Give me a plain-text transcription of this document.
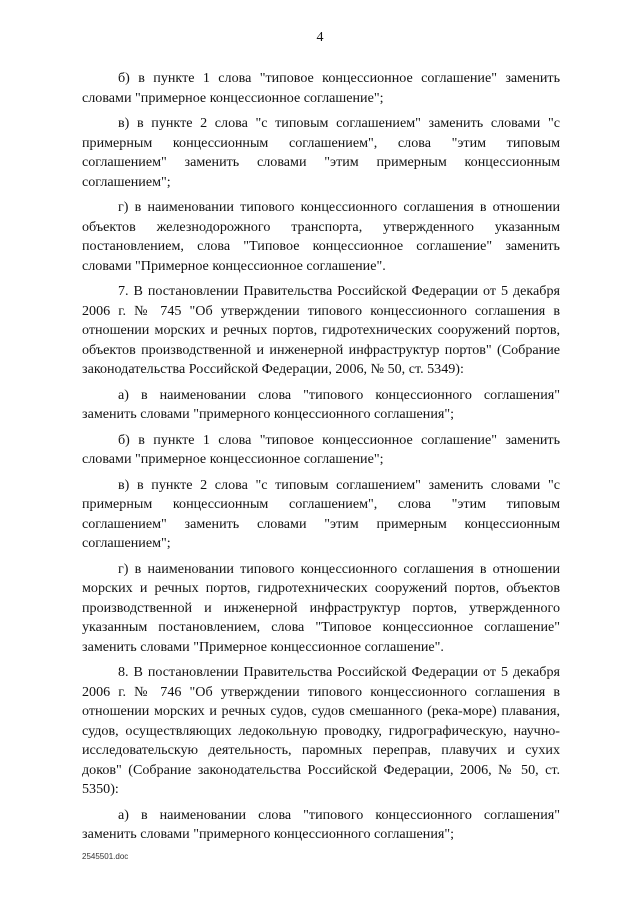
4

б) в пункте 1 слова "типовое концессионное соглашение" заменить словами "примерное концессионное соглашение";

в) в пункте 2 слова "с типовым соглашением" заменить словами "с примерным концессионным соглашением", слова "этим типовым соглашением" заменить словами "этим примерным концессионным соглашением";

г) в наименовании типового концессионного соглашения в отношении объектов железнодорожного транспорта, утвержденного указанным постановлением, слова "Типовое концессионное соглашение" заменить словами "Примерное концессионное соглашение".

7. В постановлении Правительства Российской Федерации от 5 декабря 2006 г. № 745 "Об утверждении типового концессионного соглашения в отношении морских и речных портов, гидротехнических сооружений портов, объектов производственной и инженерной инфраструктур портов" (Собрание законодательства Российской Федерации, 2006, № 50, ст. 5349):

а) в наименовании слова "типового концессионного соглашения" заменить словами "примерного концессионного соглашения";

б) в пункте 1 слова "типовое концессионное соглашение" заменить словами "примерное концессионное соглашение";

в) в пункте 2 слова "с типовым соглашением" заменить словами "с примерным концессионным соглашением", слова "этим типовым соглашением" заменить словами "этим примерным концессионным соглашением";

г) в наименовании типового концессионного соглашения в отношении морских и речных портов, гидротехнических сооружений портов, объектов производственной и инженерной инфраструктур портов, утвержденного указанным постановлением, слова "Типовое концессионное соглашение" заменить словами "Примерное концессионное соглашение".

8. В постановлении Правительства Российской Федерации от 5 декабря 2006 г. № 746 "Об утверждении типового концессионного соглашения в отношении морских и речных судов, судов смешанного (река-море) плавания, судов, осуществляющих ледокольную проводку, гидрографическую, научно-исследовательскую деятельность, паромных переправ, плавучих и сухих доков" (Собрание законодательства Российской Федерации, 2006, № 50, ст. 5350):

а) в наименовании слова "типового концессионного соглашения" заменить словами "примерного концессионного соглашения";

2545501.doc
